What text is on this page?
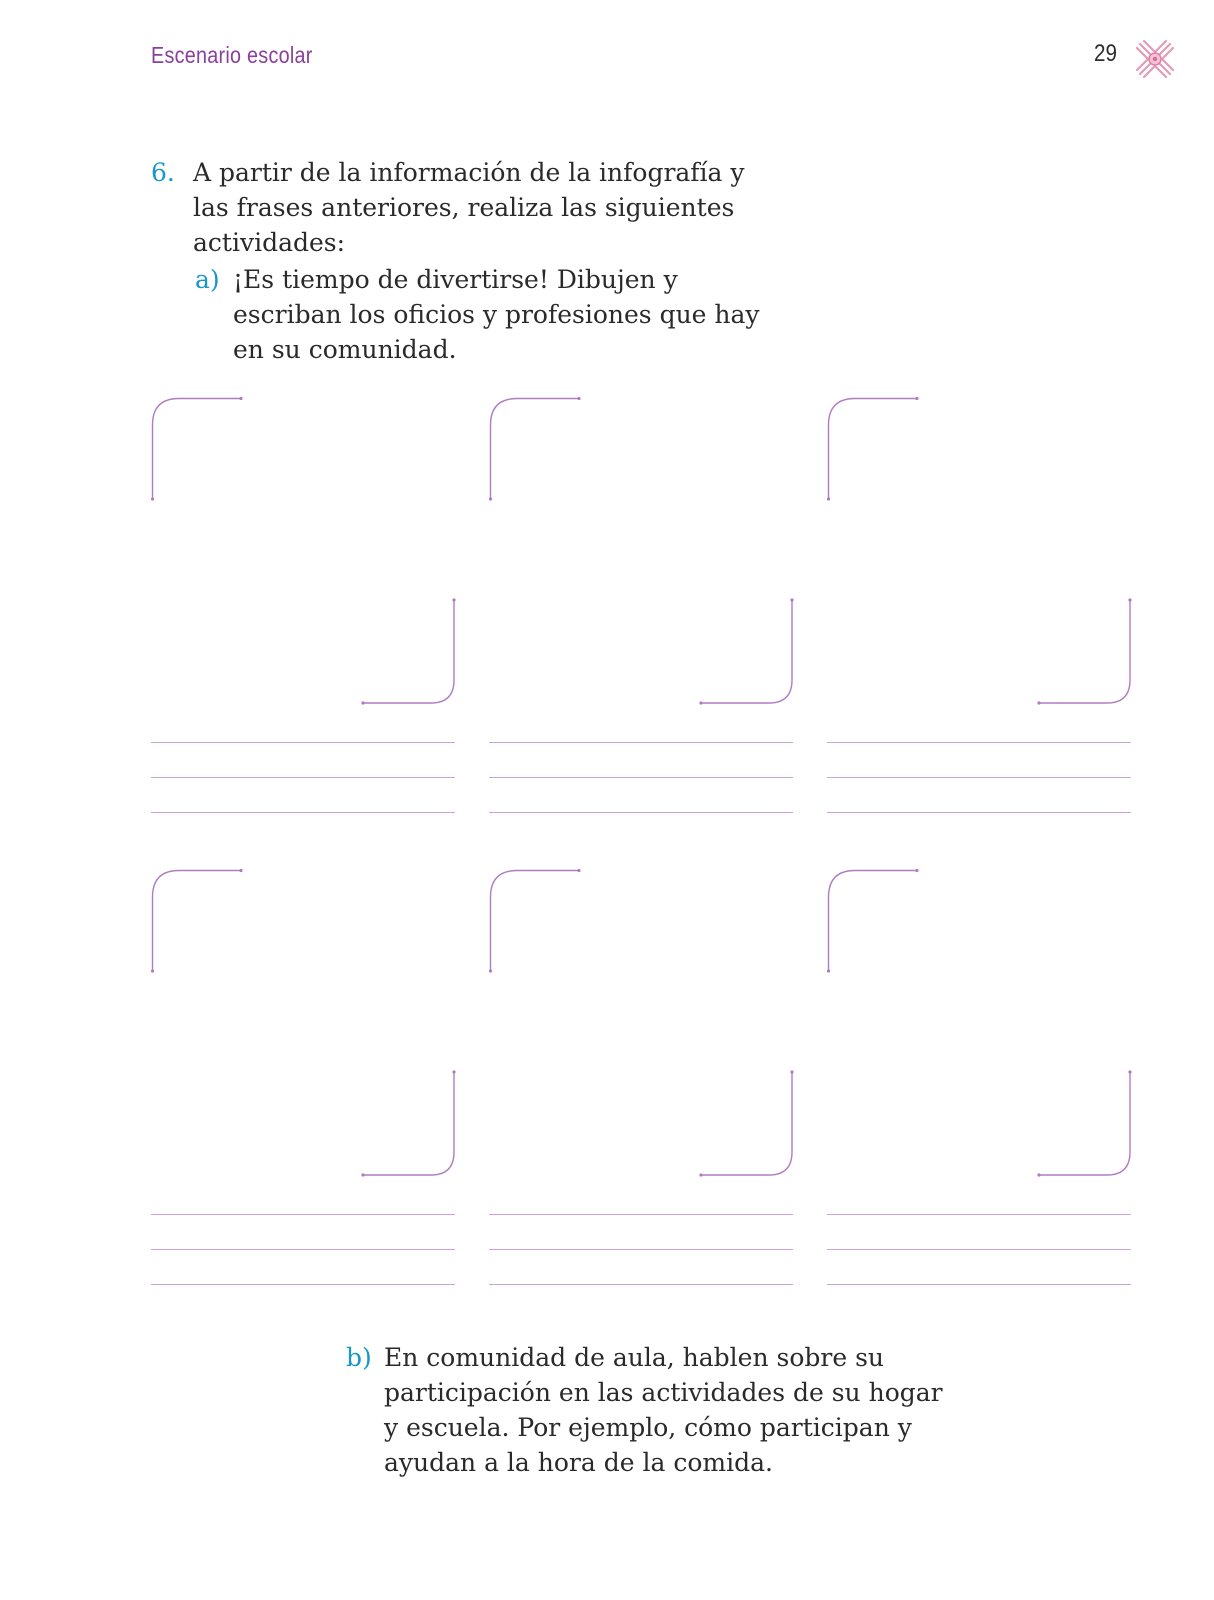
Escenario escolar	29
6. A partir de la información de la infografía y las frases anteriores, realiza las siguientes actividades:
a) ¡Es tiempo de divertirse! Dibujen y escriban los oficios y profesiones que hay en su comunidad.
b) En comunidad de aula, hablen sobre su participación en las actividades de su hogar y escuela. Por ejemplo, cómo participan y ayudan a la hora de la comida.
